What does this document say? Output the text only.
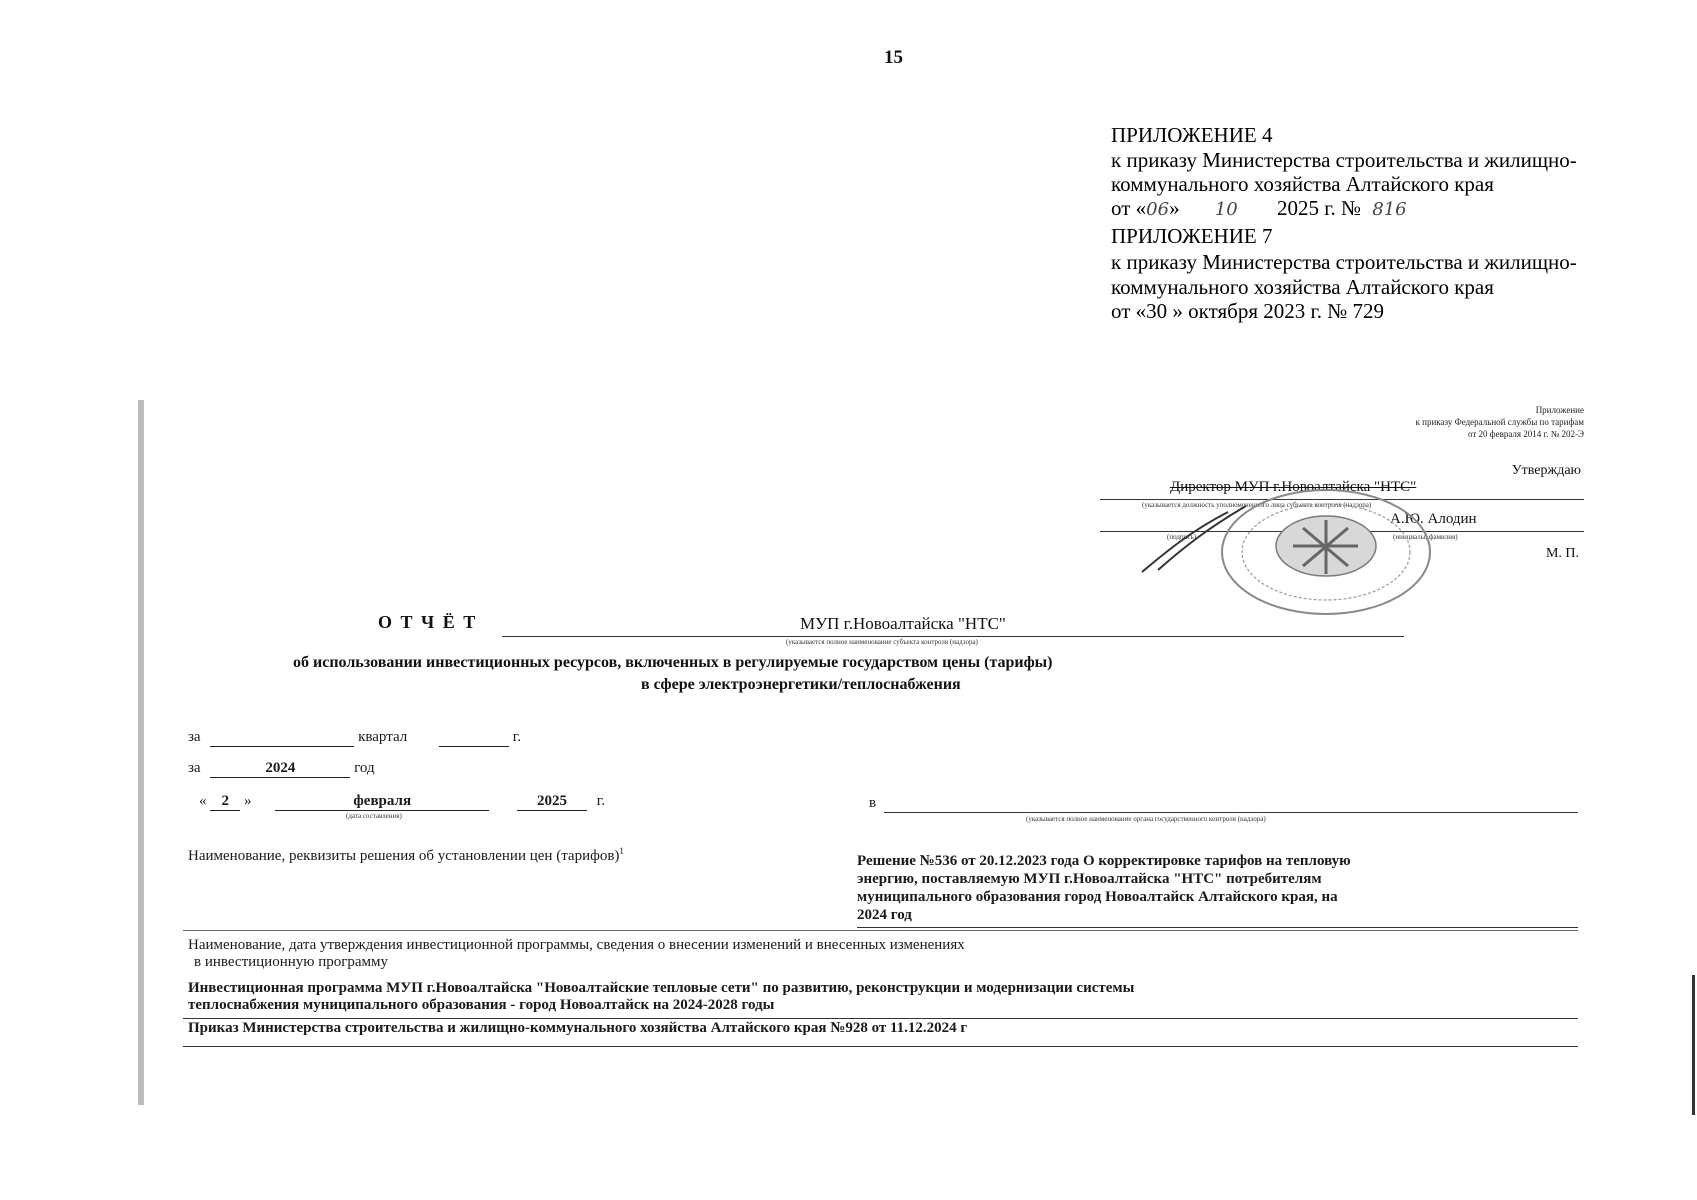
15
ПРИЛОЖЕНИЕ 4
к приказу Министерства строительства и жилищно-
коммунального хозяйства Алтайского края
от «06» 10 2025 г. № 816
ПРИЛОЖЕНИЕ 7
к приказу Министерства строительства и жилищно-
коммунального хозяйства Алтайского края
от «30 » октября 2023 г. № 729
Приложение
к приказу Федеральной службы по тарифам
от 20 февраля 2014 г. № 202-Э
Утверждаю
Директор МУП г.Новоалтайска "НТС"
(указывается должность уполномоченного лица субъекта контроля (надзора)
А.Ю. Алодин
(подпись)	(инициалы, фамилия)
М. П.
О Т Ч Ё Т	МУП г.Новоалтайска "НТС"
(указывается полное наименование субъекта контроля (надзора)
об использовании инвестиционных ресурсов, включенных в регулируемые государством цены (тарифы)
в сфере электроэнергетики/теплоснабжения
за	квартал	г.
за	2024	год
« 2 »	февраля	2025 г.
(дата составления)
в
(указывается полное наименование органа государственного контроля (надзора)
Наименование, реквизиты решения об установлении цен (тарифов)$^1$
Решение №536 от 20.12.2023 года О корректировке тарифов на тепловую
энергию, поставляемую МУП г.Новоалтайска "НТС" потребителям
муниципального образования город Новоалтайск Алтайского края, на
2024 год
Наименование, дата утверждения инвестиционной программы, сведения о внесении изменений и внесенных изменениях
в инвестиционную программу
Инвестиционная программа МУП г.Новоалтайска "Новоалтайские тепловые сети" по развитию, реконструкции и модернизации системы
теплоснабжения муниципального образования - город Новоалтайск на 2024-2028 годы
Приказ Министерства строительства и жилищно-коммунального хозяйства Алтайского края №928 от 11.12.2024 г
